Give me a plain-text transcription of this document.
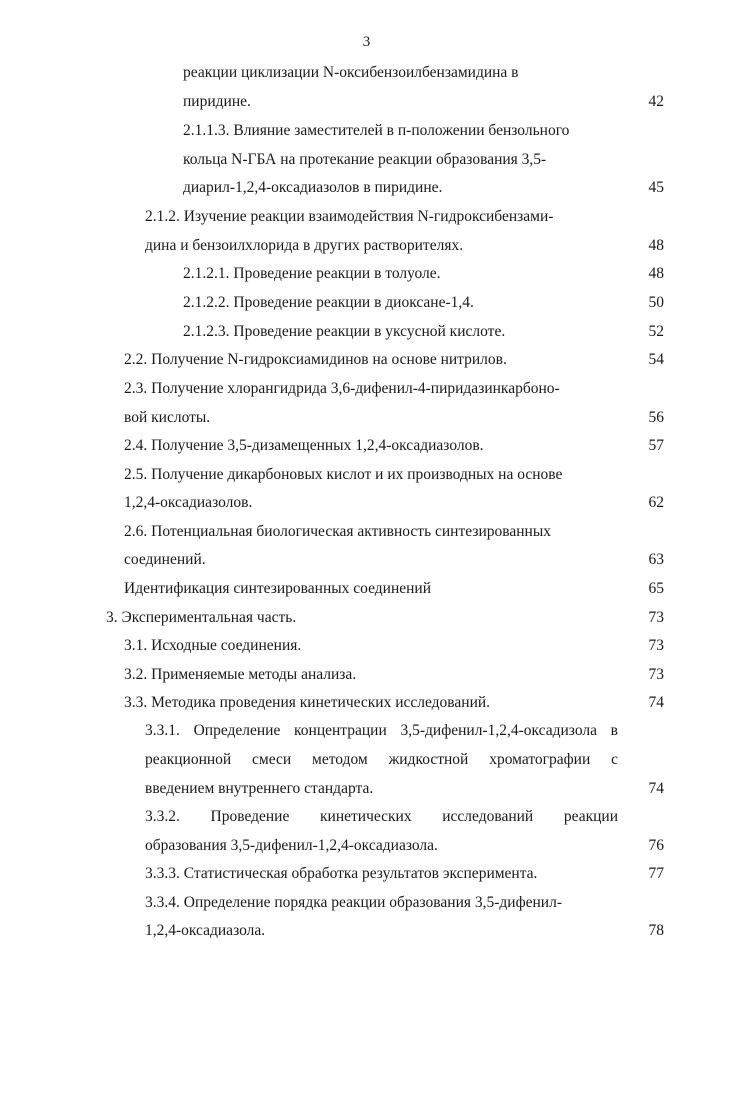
3
реакции циклизации N-оксибензоилбензамидина в
пиридине.	42
2.1.1.3. Влияние заместителей в п-положении бензольного
кольца N-ГБА на протекание реакции образования 3,5-
диарил-1,2,4-оксадиазолов в пиридине.	45
2.1.2. Изучение реакции взаимодействия N-гидроксибензами-
дина и бензоилхлорида в других растворителях.	48
2.1.2.1. Проведение реакции в толуоле.	48
2.1.2.2. Проведение реакции в диоксане-1,4.	50
2.1.2.3. Проведение реакции в уксусной кислоте.	52
2.2. Получение N-гидроксиамидинов на основе нитрилов.	54
2.3. Получение хлорангидрида 3,6-дифенил-4-пиридазинкарбоно-
вой кислоты.	56
2.4. Получение 3,5-дизамещенных 1,2,4-оксадиазолов.	57
2.5. Получение дикарбоновых кислот и их производных на основе
1,2,4-оксадиазолов.	62
2.6. Потенциальная биологическая активность синтезированных
соединений.	63
Идентификация синтезированных соединений	65
3. Экспериментальная часть.	73
3.1. Исходные соединения.	73
3.2. Применяемые методы анализа.	73
3.3. Методика проведения кинетических исследований.	74
3.3.1. Определение концентрации 3,5-дифенил-1,2,4-оксадизола в
реакционной смеси методом жидкостной хроматографии с
введением внутреннего стандарта.	74
3.3.2. Проведение кинетических исследований реакции
образования 3,5-дифенил-1,2,4-оксадиазола.	76
3.3.3. Статистическая обработка результатов эксперимента.	77
3.3.4. Определение порядка реакции образования 3,5-дифенил-
1,2,4-оксадиазола.	78
